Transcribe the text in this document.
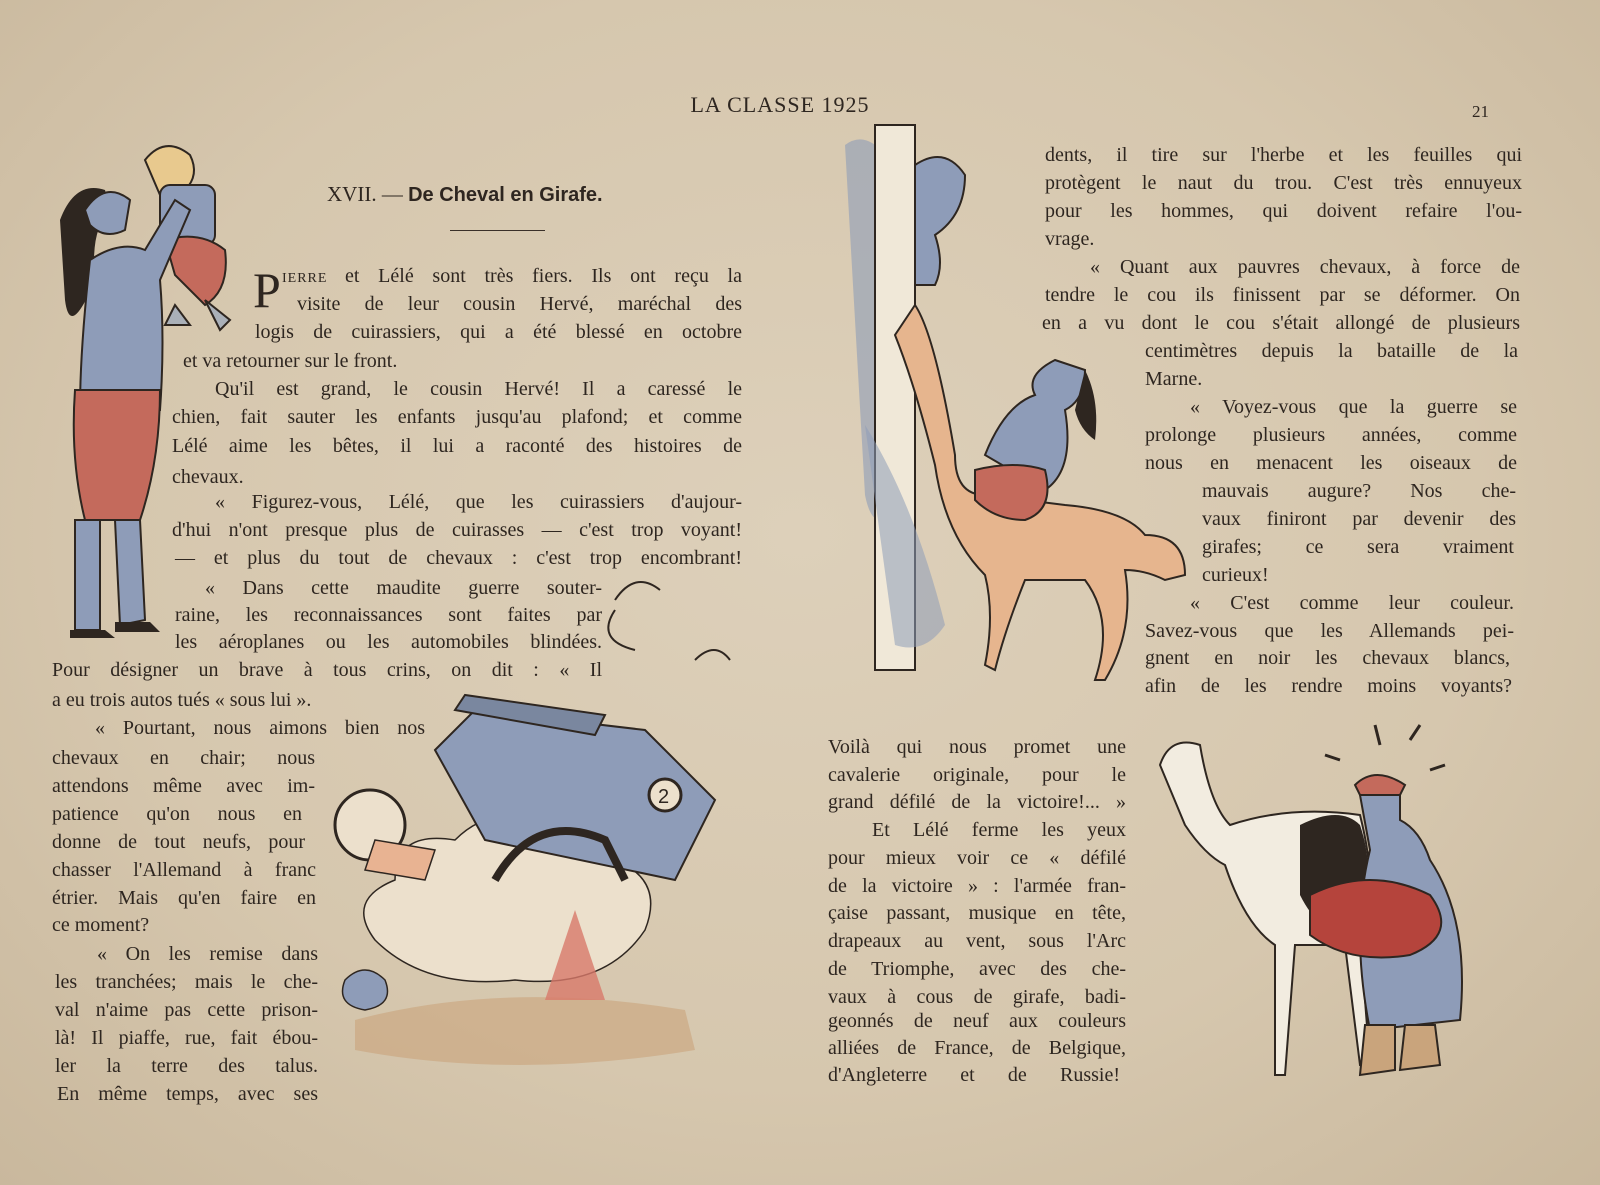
LA CLASSE 1925	21
XVII. — De Cheval en Girafe.
P	et Lélé sont très fiers. Ils ont reçu la
visite de leur cousin Hervé, maréchal des
logis de cuirassiers, qui a été blessé en octobre
et va retourner sur le front.
Qu'il est grand, le cousin Hervé! Il a caressé le
chien, fait sauter les enfants jusqu'au plafond; et comme
Lélé aime les bêtes, il lui a raconté des histoires de
chevaux.
« Figurez-vous, Lélé, que les cuirassiers d'aujour-
d'hui n'ont presque plus de cuirasses — c'est trop voyant!
— et plus du tout de chevaux : c'est trop encombrant!
« Dans cette maudite guerre souter-
raine, les reconnaissances sont faites par
les aéroplanes ou les automobiles blindées.
Pour désigner un brave à tous crins, on dit : « Il
a eu trois autos tués « sous lui ».
« Pourtant, nous aimons bien nos
chevaux en chair; nous
attendons même avec im-
patience qu'on nous en
donne de tout neufs, pour
chasser l'Allemand à franc
étrier. Mais qu'en faire en
ce moment?
« On les remise dans
les tranchées; mais le che-
val n'aime pas cette prison-
là! Il piaffe, rue, fait ébou-
ler la terre des talus.
En même temps, avec ses
dents, il tire sur l'herbe et les feuilles qui
protègent le naut du trou. C'est très ennuyeux
pour les hommes, qui doivent refaire l'ou-
vrage.
« Quant aux pauvres chevaux, à force de
tendre le cou ils finissent par se déformer. On
en a vu dont le cou s'était allongé de plusieurs
centimètres depuis la bataille de la
Marne.
« Voyez-vous que la guerre se
prolonge plusieurs années, comme
nous en menacent les oiseaux de
mauvais augure? Nos che-
vaux finiront par devenir des
girafes; ce sera vraiment
curieux!
« C'est comme leur couleur.
Savez-vous que les Allemands pei-
gnent en noir les chevaux blancs,
afin de les rendre moins voyants?
Voilà qui nous promet une
cavalerie originale, pour le
grand défilé de la victoire!... »
Et Lélé ferme les yeux
pour mieux voir ce « défilé
de la victoire » : l'armée fran-
çaise passant, musique en tête,
drapeaux au vent, sous l'Arc
de Triomphe, avec des che-
vaux à cous de girafe, badi-
geonnés de neuf aux couleurs
alliées de France, de Belgique,
d'Angleterre et de Russie!
2
ierre
